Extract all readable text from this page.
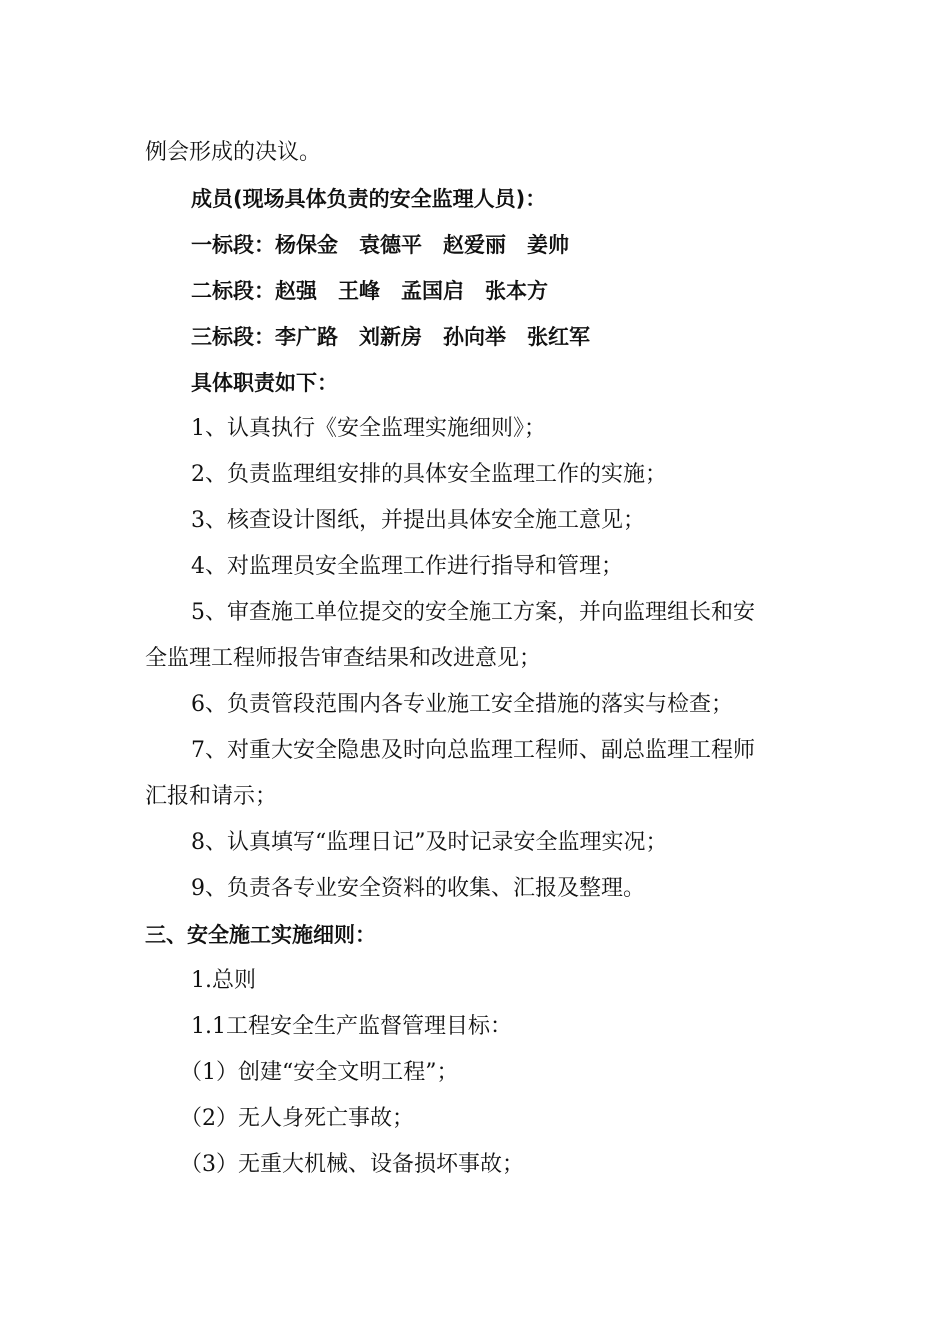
例会形成的决议。
成员(现场具体负责的安全监理人员)：
一标段：杨保金　袁德平　赵爱丽　姜帅
二标段：赵强　王峰　孟国启　张本方
三标段：李广路　刘新房　孙向举　张红军
具体职责如下：
1、认真执行《安全监理实施细则》；
2、负责监理组安排的具体安全监理工作的实施；
3、核查设计图纸，并提出具体安全施工意见；
4、对监理员安全监理工作进行指导和管理；
5、审查施工单位提交的安全施工方案，并向监理组长和安
全监理工程师报告审查结果和改进意见；
6、负责管段范围内各专业施工安全措施的落实与检查；
7、对重大安全隐患及时向总监理工程师、副总监理工程师
汇报和请示；
8、认真填写“监理日记”及时记录安全监理实况；
9、负责各专业安全资料的收集、汇报及整理。
三、安全施工实施细则：
1.总则
1.1工程安全生产监督管理目标：
（1）创建“安全文明工程”；
（2）无人身死亡事故；
（3）无重大机械、设备损坏事故；
